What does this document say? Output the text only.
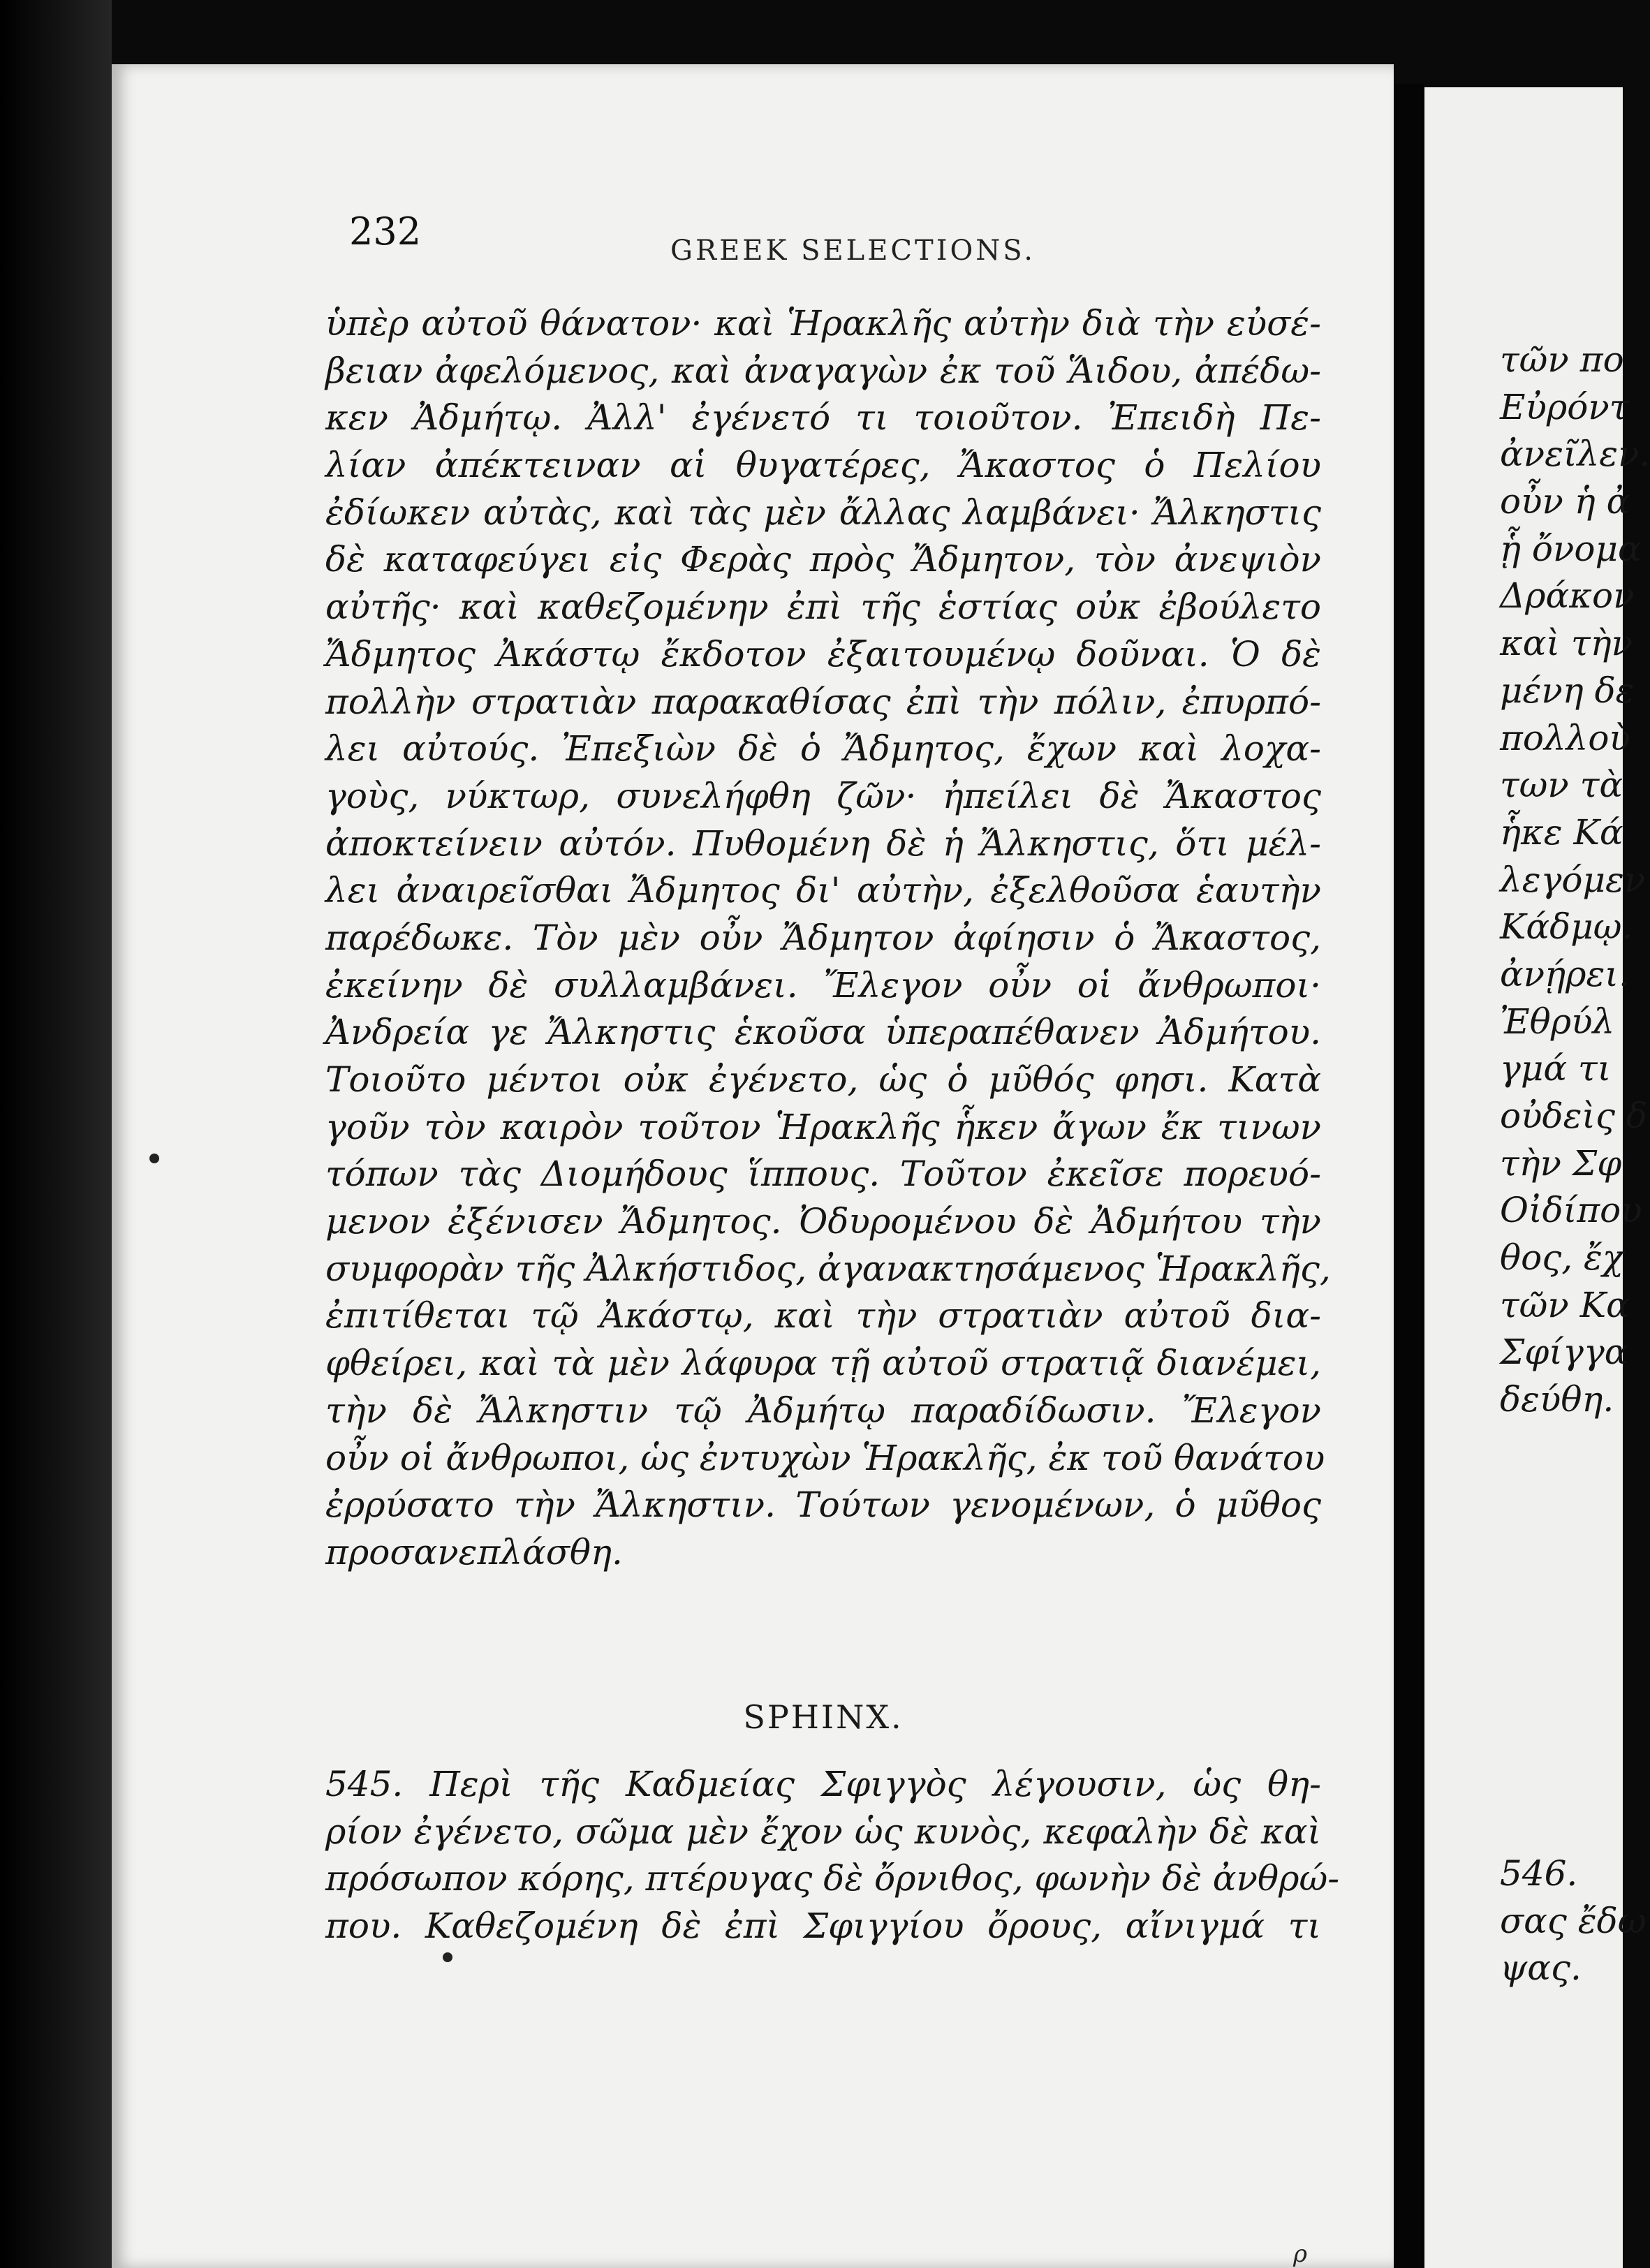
232	GREEK SELECTIONS.
ὑπὲρ αὐτοῦ θάνατον· καὶ Ἡρακλῆς αὐτὴν διὰ τὴν εὐσέ-
βειαν ἀφελόμενος, καὶ ἀναγαγὼν ἐκ τοῦ Ἅιδου, ἀπέδω-
κεν Ἀδμήτῳ. Ἀλλ' ἐγένετό τι τοιοῦτον. Ἐπειδὴ Πε-
λίαν ἀπέκτειναν αἱ θυγατέρες, Ἄκαστος ὁ Πελίου
ἐδίωκεν αὐτὰς, καὶ τὰς μὲν ἄλλας λαμβάνει· Ἄλκηστις
δὲ καταφεύγει εἰς Φερὰς πρὸς Ἄδμητον, τὸν ἀνεψιὸν
αὐτῆς· καὶ καθεζομένην ἐπὶ τῆς ἑστίας οὐκ ἐβούλετο
Ἄδμητος Ἀκάστῳ ἔκδοτον ἐξαιτουμένῳ δοῦναι. Ὁ δὲ
πολλὴν στρατιὰν παρακαθίσας ἐπὶ τὴν πόλιν, ἐπυρπό-
λει αὐτούς. Ἐπεξιὼν δὲ ὁ Ἄδμητος, ἔχων καὶ λοχα-
γοὺς, νύκτωρ, συνελήφθη ζῶν· ἠπείλει δὲ Ἄκαστος
ἀποκτείνειν αὐτόν. Πυθομένη δὲ ἡ Ἄλκηστις, ὅτι μέλ-
λει ἀναιρεῖσθαι Ἄδμητος δι' αὐτὴν, ἐξελθοῦσα ἑαυτὴν
παρέδωκε. Τὸν μὲν οὖν Ἄδμητον ἀφίησιν ὁ Ἄκαστος,
ἐκείνην δὲ συλλαμβάνει. Ἔλεγον οὖν οἱ ἄνθρωποι·
Ἀνδρεία γε Ἄλκηστις ἑκοῦσα ὑπεραπέθανεν Ἀδμήτου.
Τοιοῦτο μέντοι οὐκ ἐγένετο, ὡς ὁ μῦθός φησι. Κατὰ
γοῦν τὸν καιρὸν τοῦτον Ἡρακλῆς ἧκεν ἄγων ἔκ τινων
τόπων τὰς Διομήδους ἵππους. Τοῦτον ἐκεῖσε πορευό-
μενον ἐξένισεν Ἄδμητος. Ὀδυρομένου δὲ Ἀδμήτου τὴν
συμφορὰν τῆς Ἀλκήστιδος, ἀγανακτησάμενος Ἡρακλῆς,
ἐπιτίθεται τῷ Ἀκάστῳ, καὶ τὴν στρατιὰν αὐτοῦ δια-
φθείρει, καὶ τὰ μὲν λάφυρα τῇ αὐτοῦ στρατιᾷ διανέμει,
τὴν δὲ Ἄλκηστιν τῷ Ἀδμήτῳ παραδίδωσιν. Ἔλεγον
οὖν οἱ ἄνθρωποι, ὡς ἐντυχὼν Ἡρακλῆς, ἐκ τοῦ θανάτου
ἐρρύσατο τὴν Ἄλκηστιν. Τούτων γενομένων, ὁ μῦθος
προσανεπλάσθη.
SPHINX.
545. Περὶ τῆς Καδμείας Σφιγγὸς λέγουσιν, ὡς θη-
ρίον ἐγένετο, σῶμα μὲν ἔχον ὡς κυνὸς, κεφαλὴν δὲ καὶ
πρόσωπον κόρης, πτέρυγας δὲ ὄρνιθος, φωνὴν δὲ ἀνθρώ-
που. Καθεζομένη δὲ ἐπὶ Σφιγγίου ὄρους, αἴνιγμά τι
τῶν πο
Εὐρόντ
ἀνεῖλεν.
οὖν ἡ ἀ
ᾗ ὄνομα
Δράκον
καὶ τὴν
μένη δε
πολλοὺ
των τὰ
ἧκε Κά
λεγόμεν
Κάδμῳ.
ἀνῄρει.
Ἐθρύλ
γμά τι
οὐδεὶς δ
τὴν Σφ
Οἰδίπου
θος, ἔχ
τῶν Κα
Σφίγγα
δεύθη.
546.
σας ἔδω
ψας.
ρ
